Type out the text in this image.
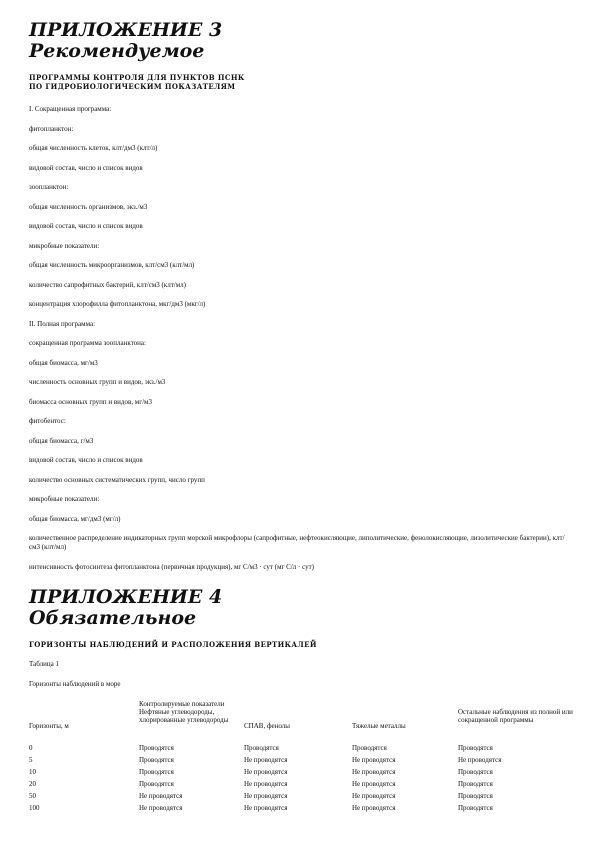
ПРИЛОЖЕНИЕ 3
Рекомендуемое
ПРОГРАММЫ КОНТРОЛЯ ДЛЯ ПУНКТОВ ПСНК
ПО ГИДРОБИОЛОГИЧЕСКИМ ПОКАЗАТЕЛЯМ
I. Сокращенная программа:
фитопланктон:
общая численность клеток, клт/дм3 (клт/л)
видовой состав, число и список видов
зоопланктон:
общая численность организмов, экз./м3
видовой состав, число и список видов
микробные показатели:
общая численность микроорганизмов, клт/см3 (клт/мл)
количество сапрофитных бактерий, клт/см3 (клт/мл)
концентрация хлорофилла фитопланктона, мкг/дм3 (мкг/л)
II. Полная программа:
сокращенная программа зоопланктона:
общая биомасса, мг/м3
численность основных групп и видов, экз./м3
биомасса основных групп и видов, мг/м3
фитобентос:
общая биомасса, г/м3
видовой состав, число и список видов
количество основных систематических групп, число групп
микробные показатели:
общая биомасса, мг/дм3 (мг/л)
количественное распределение индикаторных групп морской микрофлоры (сапрофитные, нефтеокисляющие, липолитические, фенолокисляющие, лизолитические бактерии), клт/см3 (клт/мл)
интенсивность фотосинтеза фитопланктона (первичная продукция), мг С/м3 · сут (мг С/л · сут)
ПРИЛОЖЕНИЕ 4
Обязательное
ГОРИЗОНТЫ НАБЛЮДЕНИЙ И РАСПОЛОЖЕНИЯ ВЕРТИКАЛЕЙ
Таблица 1
Горизонты наблюдений в море
	Контролируемые показатели			
Горизонты, м	Нефтяные углеводороды, хлорированные углеводороды	СПАВ, фенолы	Тяжелые металлы	Остальные наблюдения из полной или сокращенной программы
0	Проводятся	Проводятся	Проводятся	Проводятся
5	Проводятся	Не проводятся	Не проводятся	Не проводятся
10	Проводятся	Не проводятся	Не проводятся	Проводятся
20	Проводятся	Не проводятся	Не проводятся	Проводятся
50	Не проводятся	Не проводятся	Не проводятся	Проводятся
100	Не проводятся	Не проводятся	Не проводятся	Проводятся
